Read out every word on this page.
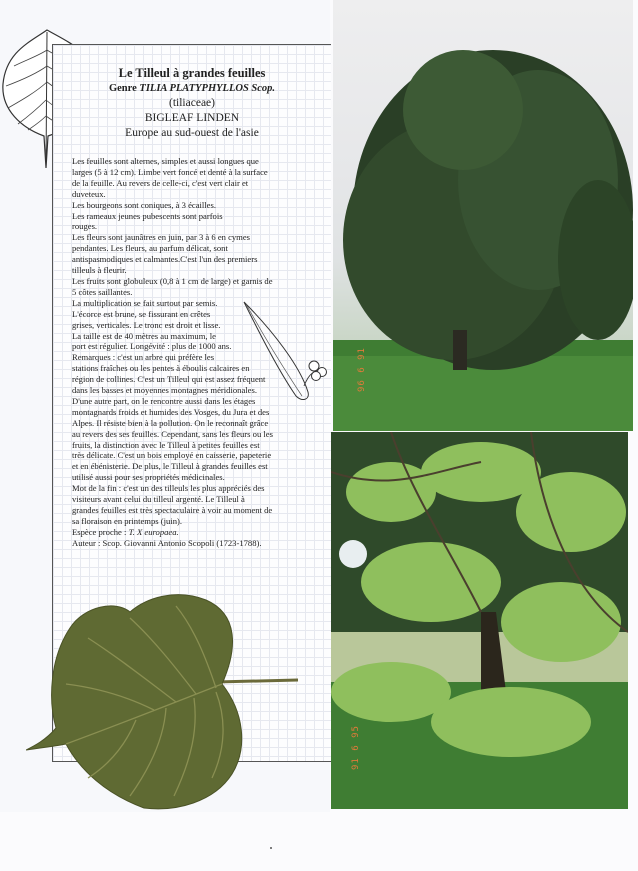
Le Tilleul à grandes feuilles
Genre TILIA PLATYPHYLLOS Scop.
(tiliaceae)
BIGLEAF LINDEN
Europe au sud-ouest de l'asie

Les feuilles sont alternes, simples et aussi longues que

larges (5 à 12 cm). Limbe vert foncé et denté à la surface

de la feuille. Au revers de celle-ci, c'est vert clair et

duveteux.

Les bourgeons sont coniques, à 3 écailles.

Les rameaux jeunes pubescents sont parfois

rouges.

Les fleurs sont jaunâtres en juin, par 3 à 6 en cymes

pendantes. Les fleurs, au parfum délicat, sont

antispasmodiques et calmantes.C'est l'un des premiers

tilleuls à fleurir.

Les fruits sont globuleux (0,8 à 1 cm de large) et garnis de

5 côtes saillantes.

La multiplication se fait surtout par semis.

L'écorce est brune, se fissurant en crêtes

grises, verticales. Le tronc est droit et lisse.

La taille est de 40 mètres au maximum, le

port est régulier. Longévité : plus de 1000 ans.

Remarques : c'est un arbre qui préfère les

stations fraîches ou les pentes à éboulis calcaires en

région de collines. C'est un Tilleul qui est assez fréquent

dans les basses et moyennes montagnes méridionales.

D'une autre part, on le rencontre aussi dans les étages

montagnards froids et humides des Vosges, du Jura et des

Alpes. Il résiste bien à la pollution. On le reconnaît grâce

au revers des ses feuilles. Cependant, sans les fleurs ou les

fruits, la distinction avec le Tilleul à petites feuilles est

très délicate. C'est un bois employé en caisserie, papeterie

et en ébénisterie. De plus, le Tilleul à grandes feuilles est

utilisé aussi pour ses propriétés médicinales.

Mot de la fin : c'est un des tilleuls les plus appréciés des

visiteurs avant celui du tilleul argenté. Le Tilleul à

grandes feuilles est très spectaculaire à voir au moment de

sa floraison en printemps (juin).

Espèce proche : T. X europaea.

Auteur : Scop. Giovanni Antonio Scopoli (1723-1788).

96 6 91
91 6 95
